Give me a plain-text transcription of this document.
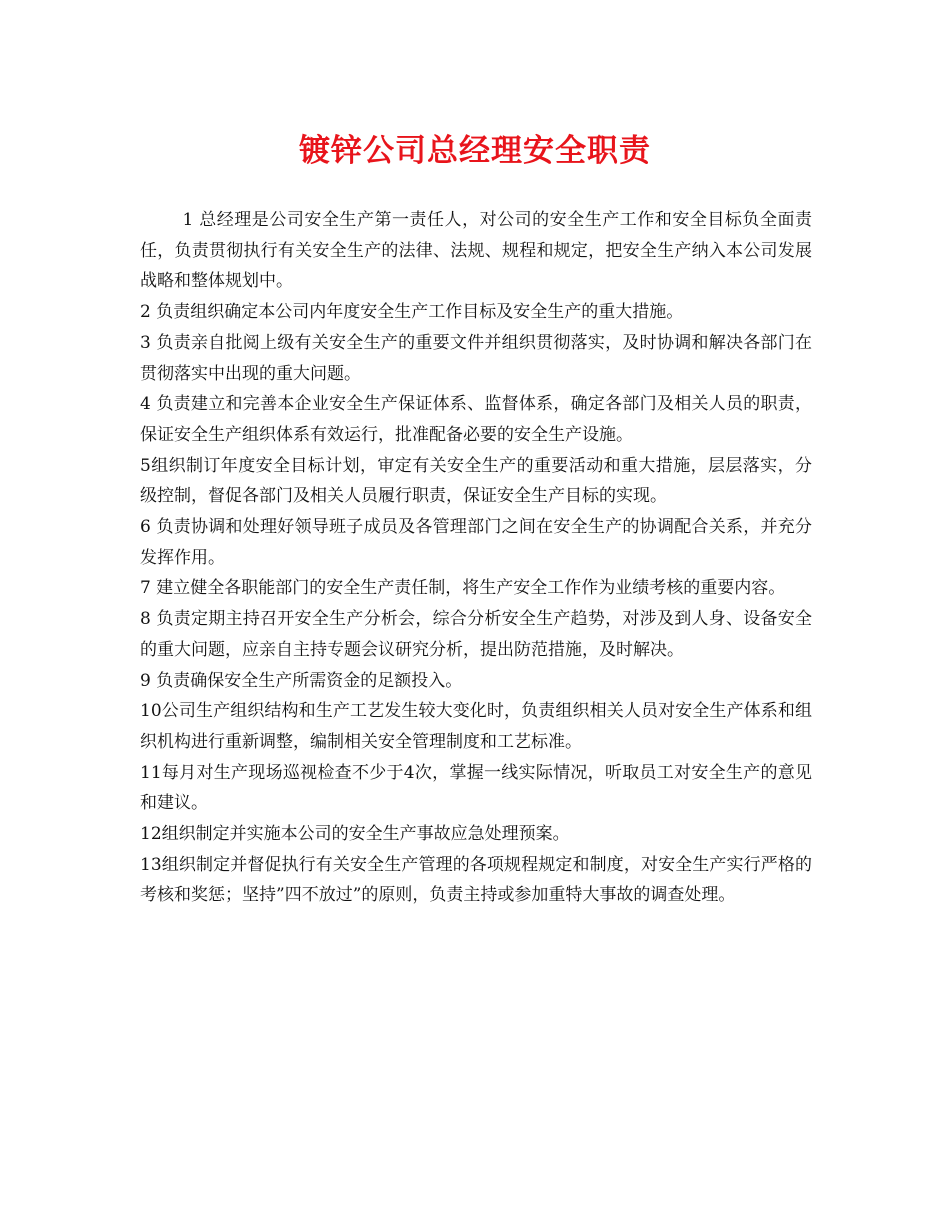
镀锌公司总经理安全职责

1 总经理是公司安全生产第一责任人，对公司的安全生产工作和安全目标负全面责任，负责贯彻执行有关安全生产的法律、法规、规程和规定，把安全生产纳入本公司发展战略和整体规划中。

2 负责组织确定本公司内年度安全生产工作目标及安全生产的重大措施。

3 负责亲自批阅上级有关安全生产的重要文件并组织贯彻落实，及时协调和解决各部门在贯彻落实中出现的重大问题。

4 负责建立和完善本企业安全生产保证体系、监督体系，确定各部门及相关人员的职责，保证安全生产组织体系有效运行，批准配备必要的安全生产设施。

5组织制订年度安全目标计划，审定有关安全生产的重要活动和重大措施，层层落实，分级控制，督促各部门及相关人员履行职责，保证安全生产目标的实现。

6 负责协调和处理好领导班子成员及各管理部门之间在安全生产的协调配合关系，并充分发挥作用。

7 建立健全各职能部门的安全生产责任制，将生产安全工作作为业绩考核的重要内容。

8 负责定期主持召开安全生产分析会，综合分析安全生产趋势，对涉及到人身、设备安全的重大问题，应亲自主持专题会议研究分析，提出防范措施，及时解决。

9 负责确保安全生产所需资金的足额投入。

10公司生产组织结构和生产工艺发生较大变化时，负责组织相关人员对安全生产体系和组织机构进行重新调整，编制相关安全管理制度和工艺标准。

11每月对生产现场巡视检查不少于4次，掌握一线实际情况，听取员工对安全生产的意见和建议。

12组织制定并实施本公司的安全生产事故应急处理预案。

13组织制定并督促执行有关安全生产管理的各项规程规定和制度，对安全生产实行严格的考核和奖惩；坚持”四不放过”的原则，负责主持或参加重特大事故的调查处理。
